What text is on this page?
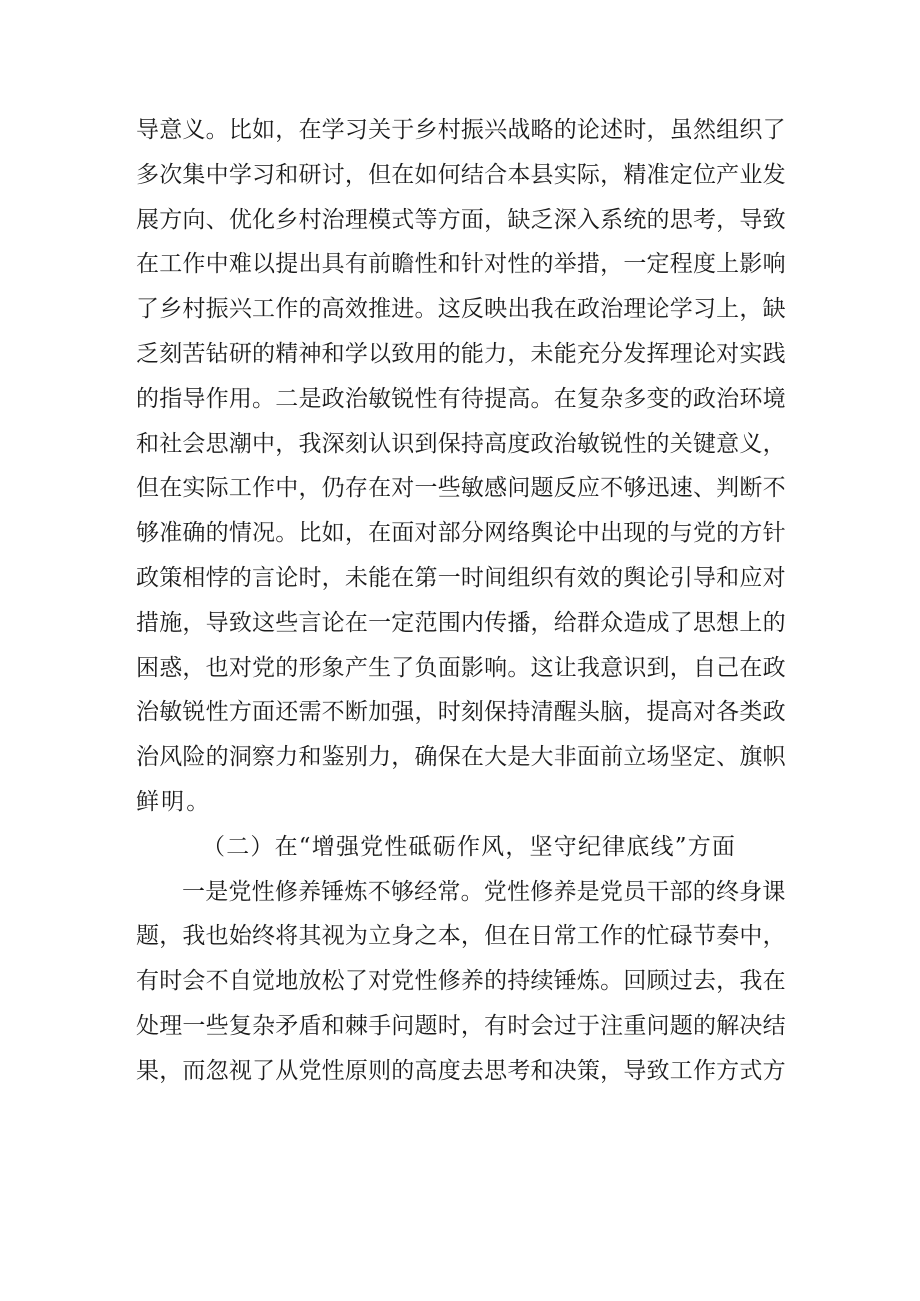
导意义。比如，在学习关于乡村振兴战略的论述时，虽然组织了
多次集中学习和研讨，但在如何结合本县实际，精准定位产业发
展方向、优化乡村治理模式等方面，缺乏深入系统的思考，导致
在工作中难以提出具有前瞻性和针对性的举措，一定程度上影响
了乡村振兴工作的高效推进。这反映出我在政治理论学习上，缺
乏刻苦钻研的精神和学以致用的能力，未能充分发挥理论对实践
的指导作用。二是政治敏锐性有待提高。在复杂多变的政治环境
和社会思潮中，我深刻认识到保持高度政治敏锐性的关键意义，
但在实际工作中，仍存在对一些敏感问题反应不够迅速、判断不
够准确的情况。比如，在面对部分网络舆论中出现的与党的方针
政策相悖的言论时，未能在第一时间组织有效的舆论引导和应对
措施，导致这些言论在一定范围内传播，给群众造成了思想上的
困惑，也对党的形象产生了负面影响。这让我意识到，自己在政
治敏锐性方面还需不断加强，时刻保持清醒头脑，提高对各类政
治风险的洞察力和鉴别力，确保在大是大非面前立场坚定、旗帜
鲜明。
（二）在“增强党性砥砺作风，坚守纪律底线”方面
一是党性修养锤炼不够经常。党性修养是党员干部的终身课
题，我也始终将其视为立身之本，但在日常工作的忙碌节奏中，
有时会不自觉地放松了对党性修养的持续锤炼。回顾过去，我在
处理一些复杂矛盾和棘手问题时，有时会过于注重问题的解决结
果，而忽视了从党性原则的高度去思考和决策，导致工作方式方
